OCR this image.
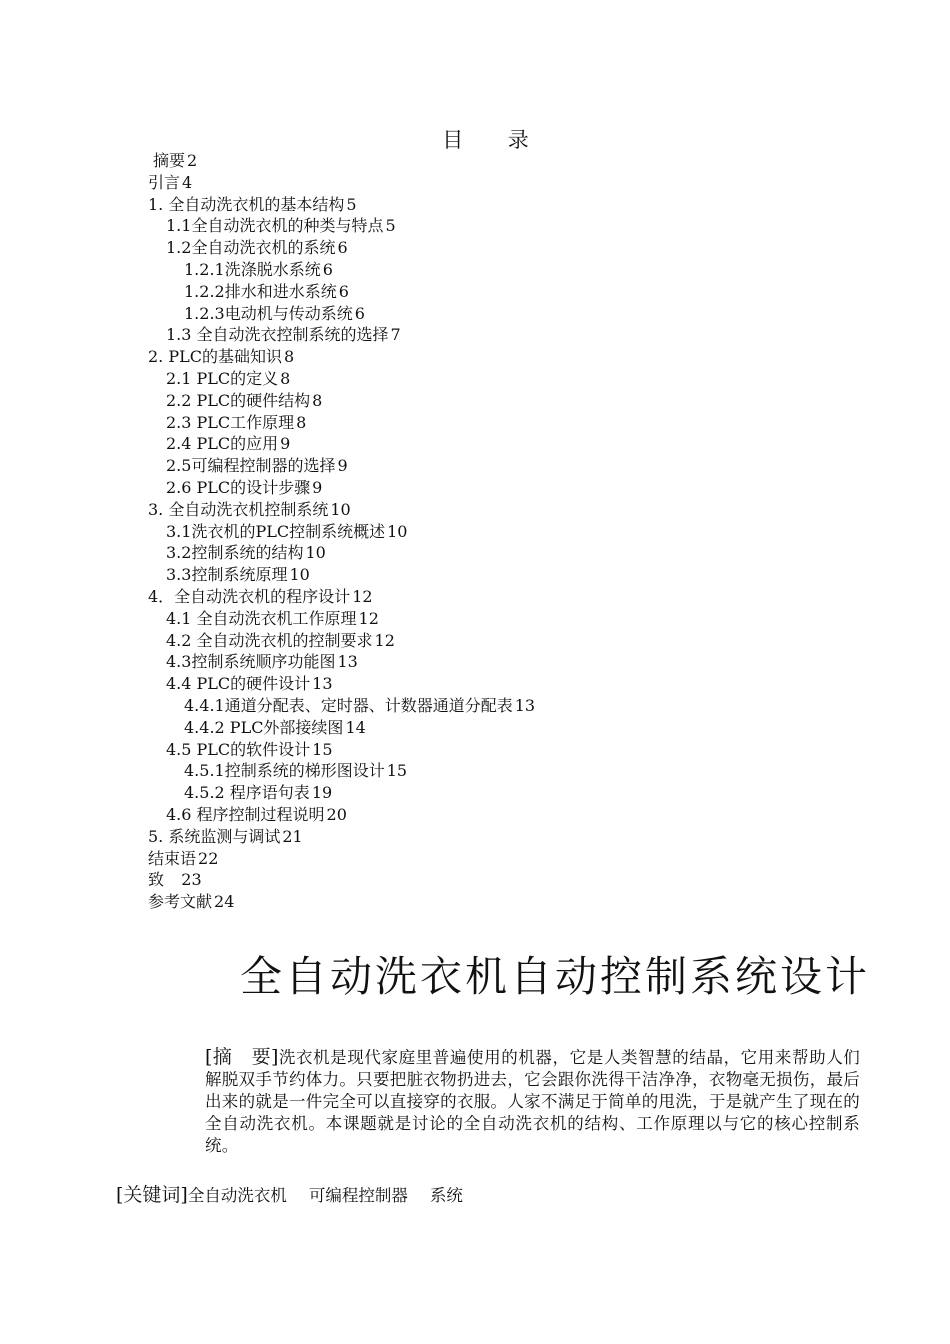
目 录
摘要 2
引言 4
1. 全自动洗衣机的基本结构 5
1.1全自动洗衣机的种类与特点 5
1.2全自动洗衣机的系统 6
1.2.1洗涤脱水系统 6
1.2.2排水和进水系统 6
1.2.3电动机与传动系统 6
1.3 全自动洗衣控制系统的选择 7
2. PLC的基础知识 8
2.1 PLC的定义 8
2.2 PLC的硬件结构 8
2.3 PLC工作原理 8
2.4 PLC的应用 9
2.5可编程控制器的选择 9
2.6 PLC的设计步骤 9
3. 全自动洗衣机控制系统 10
3.1洗衣机的PLC控制系统概述 10
3.2控制系统的结构 10
3.3控制系统原理 10
4．全自动洗衣机的程序设计 12
4.1 全自动洗衣机工作原理 12
4.2 全自动洗衣机的控制要求 12
4.3控制系统顺序功能图 13
4.4 PLC的硬件设计 13
4.4.1通道分配表、定时器、计数器通道分配表 13
4.4.2 PLC外部接续图 14
4.5 PLC的软件设计 15
4.5.1控制系统的梯形图设计 15
4.5.2 程序语句表 19
4.6 程序控制过程说明 20
5. 系统监测与调试 21
结束语 22
致   23
参考文献 24
全自动洗衣机自动控制系统设计
[摘　要]洗衣机是现代家庭里普遍使用的机器，它是人类智慧的结晶，它用来帮助人们解脱双手节约体力。只要把脏衣物扔进去，它会跟你洗得干洁净净，衣物毫无损伤，最后出来的就是一件完全可以直接穿的衣服。人家不满足于简单的甩洗，于是就产生了现在的全自动洗衣机。本课题就是讨论的全自动洗衣机的结构、工作原理以与它的核心控制系统。
[关键词]全自动洗衣机 可编程控制器 系统
